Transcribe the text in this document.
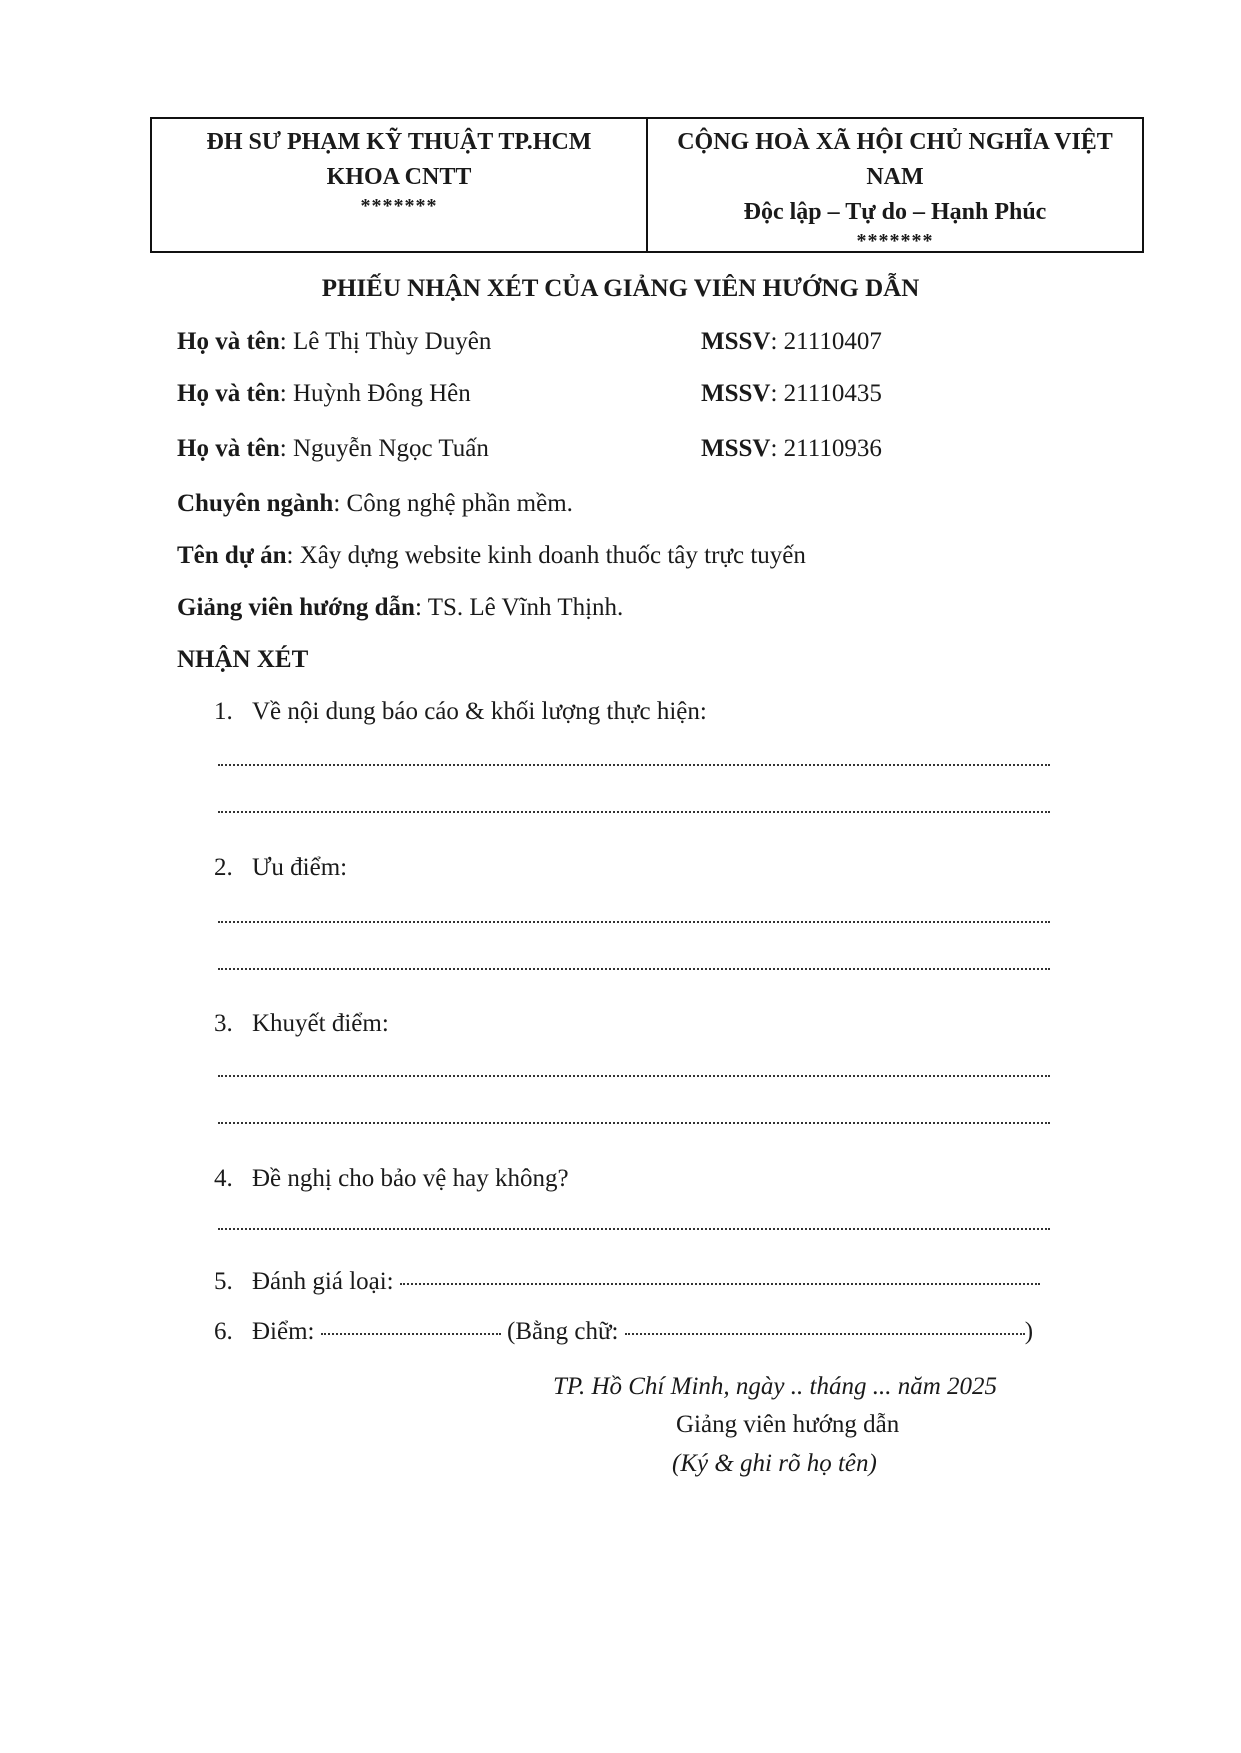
ĐH SƯ PHẠM KỸ THUẬT TP.HCM
KHOA CNTT
*******
CỘNG HOÀ XÃ HỘI CHỦ NGHĨA VIỆT NAM
Độc lập – Tự do – Hạnh Phúc
*******
PHIẾU NHẬN XÉT CỦA GIẢNG VIÊN HƯỚNG DẪN
Họ và tên: Lê Thị Thùy Duyên	MSSV: 21110407
Họ và tên: Huỳnh Đông Hên	MSSV: 21110435
Họ và tên: Nguyễn Ngọc Tuấn	MSSV: 21110936
Chuyên ngành: Công nghệ phần mềm.
Tên dự án: Xây dựng website kinh doanh thuốc tây trực tuyến
Giảng viên hướng dẫn: TS. Lê Vĩnh Thịnh.
NHẬN XÉT
1. Về nội dung báo cáo & khối lượng thực hiện:
2. Ưu điểm:
3. Khuyết điểm:
4. Đề nghị cho bảo vệ hay không?
5. Đánh giá loại:
6. Điểm:	(Bằng chữ:	)
TP. Hồ Chí Minh, ngày .. tháng ... năm 2025
Giảng viên hướng dẫn
(Ký & ghi rõ họ tên)
